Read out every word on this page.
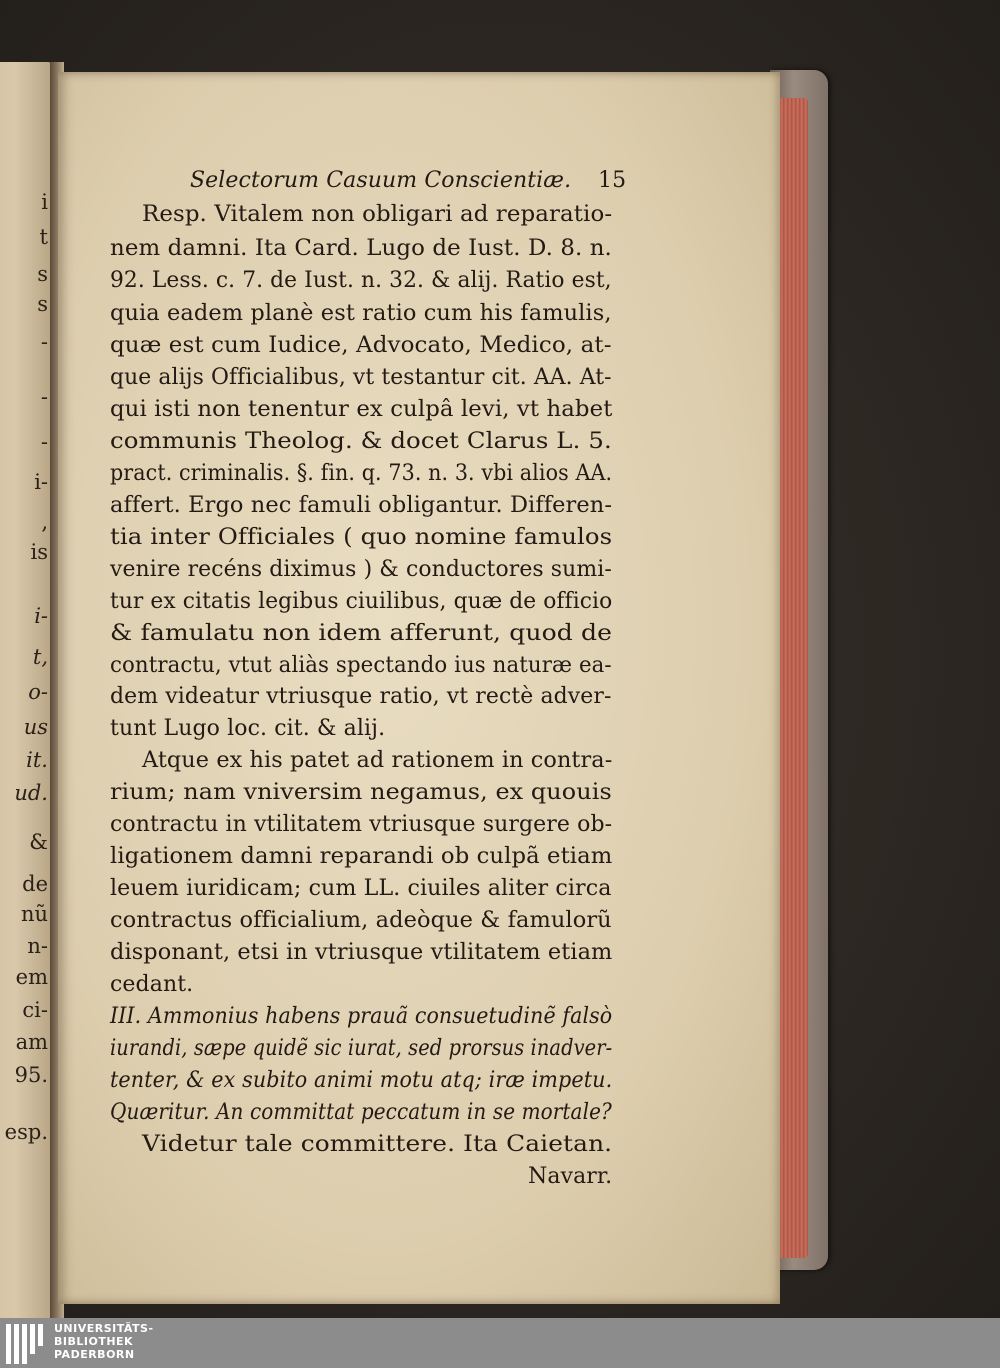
i
t
s
s
-
-
-
i-
,
is
i-
t,
o-
us
it.
ud.
&
de
nũ
n-
em
ci-
am
95.
esp.
Selectorum Casuum Conscientiæ. 15
Resp. Vitalem non obligari ad reparatio-
nem damni. Ita Card. Lugo de Iust. D. 8. n.
92. Less. c. 7. de Iust. n. 32. & alij. Ratio est,
quia eadem planè est ratio cum his famulis,
quæ est cum Iudice, Advocato, Medico, at-
que alijs Officialibus, vt testantur cit. AA. At-
qui isti non tenentur ex culpâ levi, vt habet
communis Theolog. & docet Clarus L. 5.
pract. criminalis. §. fin. q. 73. n. 3. vbi alios AA.
affert. Ergo nec famuli obligantur. Differen-
tia inter Officiales ( quo nomine famulos
venire recéns diximus ) & conductores sumi-
tur ex citatis legibus ciuilibus, quæ de officio
& famulatu non idem afferunt, quod de
contractu, vtut aliàs spectando ius naturæ ea-
dem videatur vtriusque ratio, vt rectè adver-
tunt Lugo loc. cit. & alij.
Atque ex his patet ad rationem in contra-
rium; nam vniversim negamus, ex quouis
contractu in vtilitatem vtriusque surgere ob-
ligationem damni reparandi ob culpã etiam
leuem iuridicam; cum LL. ciuiles aliter circa
contractus officialium, adeòque & famulorũ
disponant, etsi in vtriusque vtilitatem etiam
cedant.
III. Ammonius habens prauã consuetudinẽ falsò
iurandi, sæpe quidẽ sic iurat, sed prorsus inadver-
tenter, & ex subito animi motu atq; iræ impetu.
Quæritur. An committat peccatum in se mortale?
Videtur tale committere. Ita Caietan.
Navarr.
UNIVERSITÄTS-
BIBLIOTHEK
PADERBORN
